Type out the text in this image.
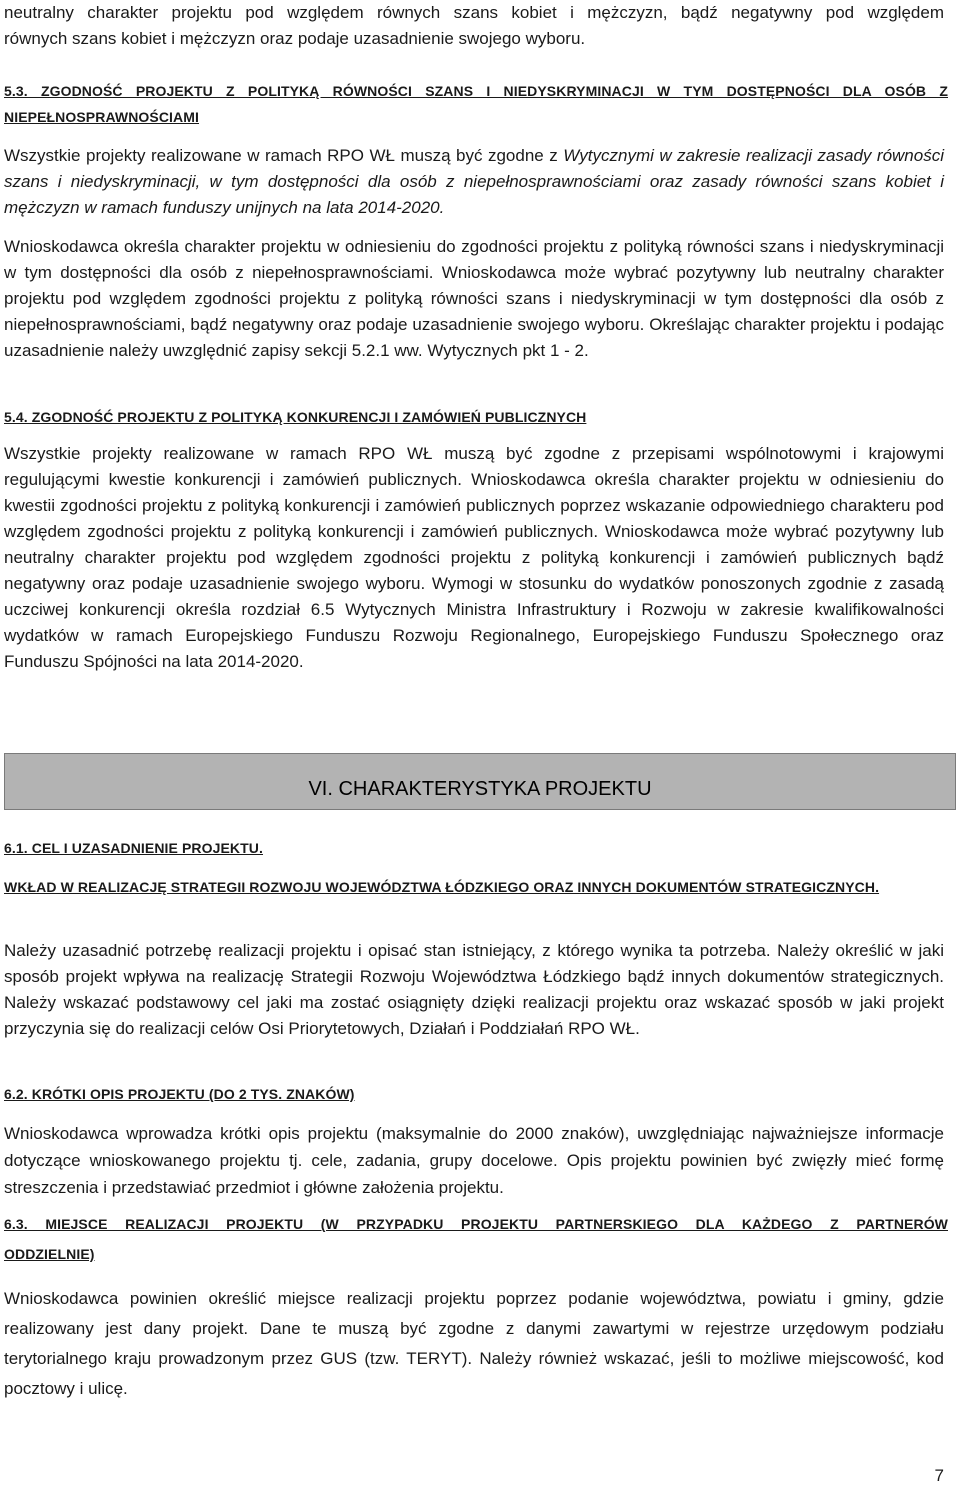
neutralny charakter projektu pod względem równych szans kobiet i mężczyzn, bądź negatywny pod względem

równych szans kobiet i mężczyzn oraz podaje uzasadnienie swojego wyboru.

5.3. ZGODNOŚĆ PROJEKTU Z POLITYKĄ RÓWNOŚCI SZANS I NIEDYSKRYMINACJI W TYM DOSTĘPNOŚCI DLA OSÓB Z
NIEPEŁNOSPRAWNOŚCIAMI

Wszystkie projekty realizowane w ramach RPO WŁ muszą być zgodne z Wytycznymi w zakresie realizacji zasady równości szans i niedyskryminacji, w tym dostępności dla osób z niepełnosprawnościami oraz zasady równości szans kobiet i mężczyzn w ramach funduszy unijnych na lata 2014-2020.

Wnioskodawca określa charakter projektu w odniesieniu do zgodności projektu z polityką równości szans i niedyskryminacji w tym dostępności dla osób z niepełnosprawnościami. Wnioskodawca może wybrać pozytywny lub neutralny charakter projektu pod względem zgodności projektu z polityką równości szans i niedyskryminacji w tym dostępności dla osób z niepełnosprawnościami, bądź negatywny oraz podaje uzasadnienie swojego wyboru. Określając charakter projektu i podając uzasadnienie należy uwzględnić zapisy sekcji 5.2.1 ww. Wytycznych pkt 1 - 2.

5.4. ZGODNOŚĆ PROJEKTU Z POLITYKĄ KONKURENCJI I ZAMÓWIEŃ PUBLICZNYCH

Wszystkie projekty realizowane w ramach RPO WŁ muszą być zgodne z przepisami wspólnotowymi i krajowymi regulującymi kwestie konkurencji i zamówień publicznych. Wnioskodawca określa charakter projektu w odniesieniu do kwestii zgodności projektu z polityką konkurencji i zamówień publicznych poprzez wskazanie odpowiedniego charakteru pod względem zgodności projektu z polityką konkurencji i zamówień publicznych. Wnioskodawca może wybrać pozytywny lub neutralny charakter projektu pod względem zgodności projektu z polityką konkurencji i zamówień publicznych bądź negatywny oraz podaje uzasadnienie swojego wyboru. Wymogi w stosunku do wydatków ponoszonych zgodnie z zasadą uczciwej konkurencji określa rozdział 6.5 Wytycznych Ministra Infrastruktury i Rozwoju w zakresie kwalifikowalności wydatków w ramach Europejskiego Funduszu Rozwoju Regionalnego, Europejskiego Funduszu Społecznego oraz Funduszu Spójności na lata 2014-2020.

VI. CHARAKTERYSTYKA PROJEKTU
6.1. CEL I UZASADNIENIE PROJEKTU.
WKŁAD W REALIZACJĘ STRATEGII ROZWOJU WOJEWÓDZTWA ŁÓDZKIEGO ORAZ INNYCH DOKUMENTÓW STRATEGICZNYCH.

Należy uzasadnić potrzebę realizacji projektu i opisać stan istniejący, z którego wynika ta potrzeba. Należy określić w jaki sposób projekt wpływa na realizację Strategii Rozwoju Województwa Łódzkiego bądź innych dokumentów strategicznych. Należy wskazać podstawowy cel jaki ma zostać osiągnięty dzięki realizacji projektu oraz wskazać sposób w jaki projekt przyczynia się do realizacji celów Osi Priorytetowych, Działań i Poddziałań RPO WŁ.

6.2. KRÓTKI OPIS PROJEKTU (DO 2 TYS. ZNAKÓW)

Wnioskodawca wprowadza krótki opis projektu (maksymalnie do 2000 znaków), uwzględniając najważniejsze informacje dotyczące wnioskowanego projektu tj. cele, zadania, grupy docelowe. Opis projektu powinien być zwięzły mieć formę streszczenia i przedstawiać przedmiot i główne założenia projektu.

6.3. MIEJSCE REALIZACJI PROJEKTU (W PRZYPADKU PROJEKTU PARTNERSKIEGO DLA KAŻDEGO Z PARTNERÓW
ODDZIELNIE)

Wnioskodawca powinien określić miejsce realizacji projektu poprzez podanie województwa, powiatu i gminy, gdzie realizowany jest dany projekt. Dane te muszą być zgodne z danymi zawartymi w rejestrze urzędowym podziału terytorialnego kraju prowadzonym przez GUS (tzw. TERYT). Należy również wskazać, jeśli to możliwe miejscowość, kod pocztowy i ulicę.

7
